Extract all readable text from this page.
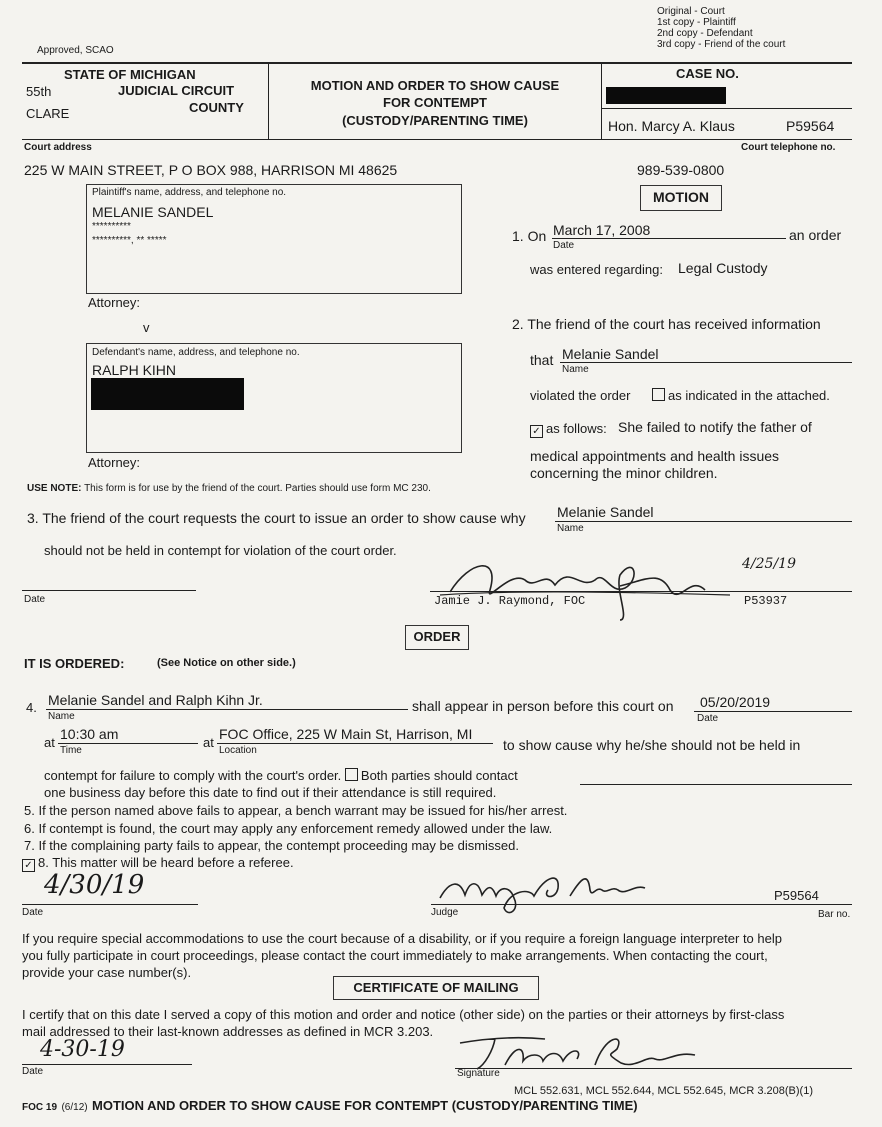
Approved, SCAO
Original - Court
1st copy - Plaintiff
2nd copy - Defendant
3rd copy - Friend of the court
STATE OF MICHIGAN
55th	JUDICIAL CIRCUIT
CLARE	COUNTY
MOTION AND ORDER TO SHOW CAUSE
FOR CONTEMPT
(CUSTODY/PARENTING TIME)
CASE NO.
Hon. Marcy A. Klaus	P59564
Court address	Court telephone no.
225 W MAIN STREET, P O BOX 988, HARRISON MI 48625	989-539-0800
Plaintiff's name, address, and telephone no.
MELANIE SANDEL
**********
**********, ** *****
Attorney:
v
Defendant's name, address, and telephone no.
RALPH KIHN
Attorney:
MOTION
1. On March 17, 2008
Date
an order
was entered regarding: Legal Custody
2. The friend of the court has received information
that Melanie Sandel
Name
violated the order	as indicated in the attached.
✓ as follows: She failed to notify the father of
medical appointments and health issues
concerning the minor children.
USE NOTE: This form is for use by the friend of the court. Parties should use form MC 230.
3. The friend of the court requests the court to issue an order to show cause why Melanie Sandel
Name
should not be held in contempt for violation of the court order.
Date
4/25/19
Jamie J. Raymond, FOC	P53937
ORDER
IT IS ORDERED:	(See Notice on other side.)
4. Melanie Sandel and Ralph Kihn Jr.
Name
shall appear in person before this court on 05/20/2019
Date
at
10:30 am
Time
at
FOC Office, 225 W Main St, Harrison, MI
Location	to show cause why he/she should not be held in
contempt for failure to comply with the court's order. Both parties should contact
one business day before this date to find out if their attendance is still required.
5. If the person named above fails to appear, a bench warrant may be issued for his/her arrest.
6. If contempt is found, the court may apply any enforcement remedy allowed under the law.
7. If the complaining party fails to appear, the contempt proceeding may be dismissed.
✓ 8. This matter will be heard before a referee.
4/30/19
Date	Judge
P59564
Bar no.
If you require special accommodations to use the court because of a disability, or if you require a foreign language interpreter to help
you fully participate in court proceedings, please contact the court immediately to make arrangements. When contacting the court,
provide your case number(s).
CERTIFICATE OF MAILING
I certify that on this date I served a copy of this motion and order and notice (other side) on the parties or their attorneys by first-class
mail addressed to their last-known addresses as defined in MCR 3.203.
4-30-19
Date	Signature
MCL 552.631, MCL 552.644, MCL 552.645, MCR 3.208(B)(1)
FOC 19 (6/12) MOTION AND ORDER TO SHOW CAUSE FOR CONTEMPT (CUSTODY/PARENTING TIME)
